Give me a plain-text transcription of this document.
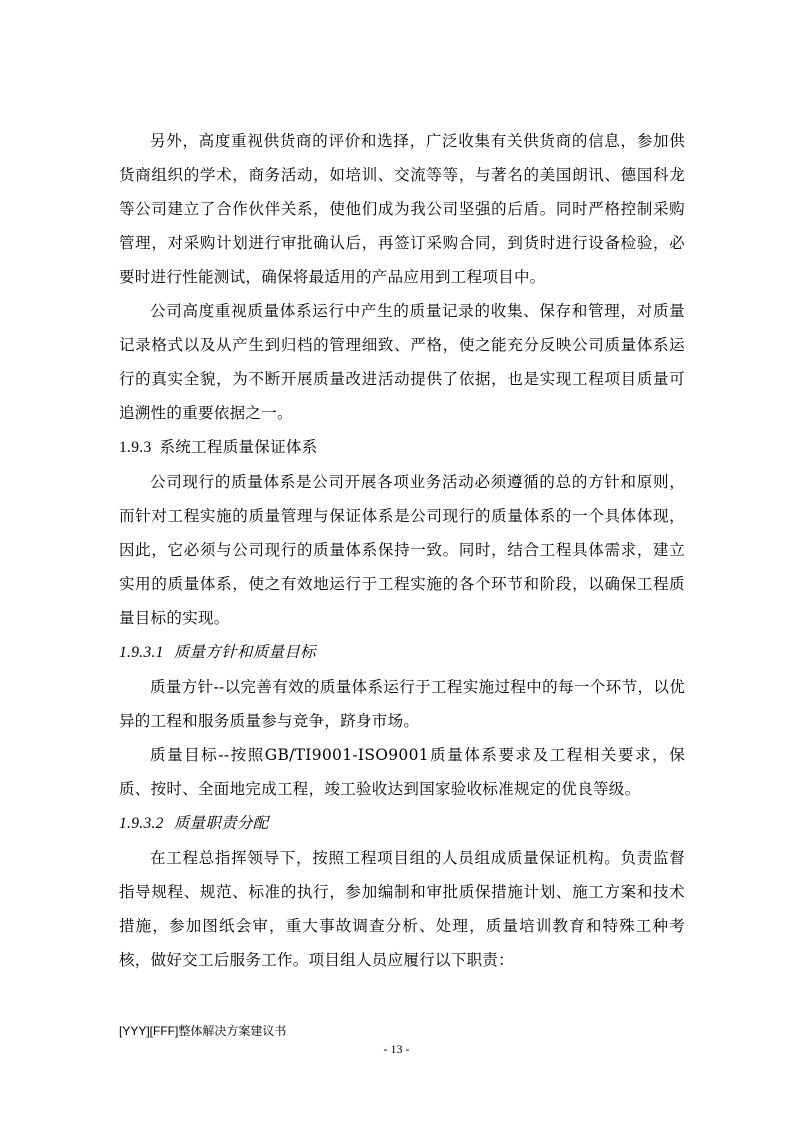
另外，高度重视供货商的评价和选择，广泛收集有关供货商的信息，参加供货商组织的学术，商务活动，如培训、交流等等，与著名的美国朗讯、德国科龙等公司建立了合作伙伴关系，使他们成为我公司坚强的后盾。同时严格控制采购管理，对采购计划进行审批确认后，再签订采购合同，到货时进行设备检验，必要时进行性能测试，确保将最适用的产品应用到工程项目中。

公司高度重视质量体系运行中产生的质量记录的收集、保存和管理，对质量记录格式以及从产生到归档的管理细致、严格，使之能充分反映公司质量体系运行的真实全貌，为不断开展质量改进活动提供了依据，也是实现工程项目质量可追溯性的重要依据之一。

1.9.3 系统工程质量保证体系

公司现行的质量体系是公司开展各项业务活动必须遵循的总的方针和原则，而针对工程实施的质量管理与保证体系是公司现行的质量体系的一个具体体现，因此，它必须与公司现行的质量体系保持一致。同时，结合工程具体需求，建立实用的质量体系，使之有效地运行于工程实施的各个环节和阶段，以确保工程质量目标的实现。

1.9.3.1 质量方针和质量目标

质量方针--以完善有效的质量体系运行于工程实施过程中的每一个环节，以优异的工程和服务质量参与竞争，跻身市场。

质量目标--按照GB/TI9001-ISO9001质量体系要求及工程相关要求，保质、按时、全面地完成工程，竣工验收达到国家验收标准规定的优良等级。

1.9.3.2 质量职责分配

在工程总指挥领导下，按照工程项目组的人员组成质量保证机构。负责监督指导规程、规范、标准的执行，参加编制和审批质保措施计划、施工方案和技术措施，参加图纸会审，重大事故调查分析、处理，质量培训教育和特殊工种考核，做好交工后服务工作。项目组人员应履行以下职责：

[YYY][FFF]整体解决方案建议书
- 13 -
